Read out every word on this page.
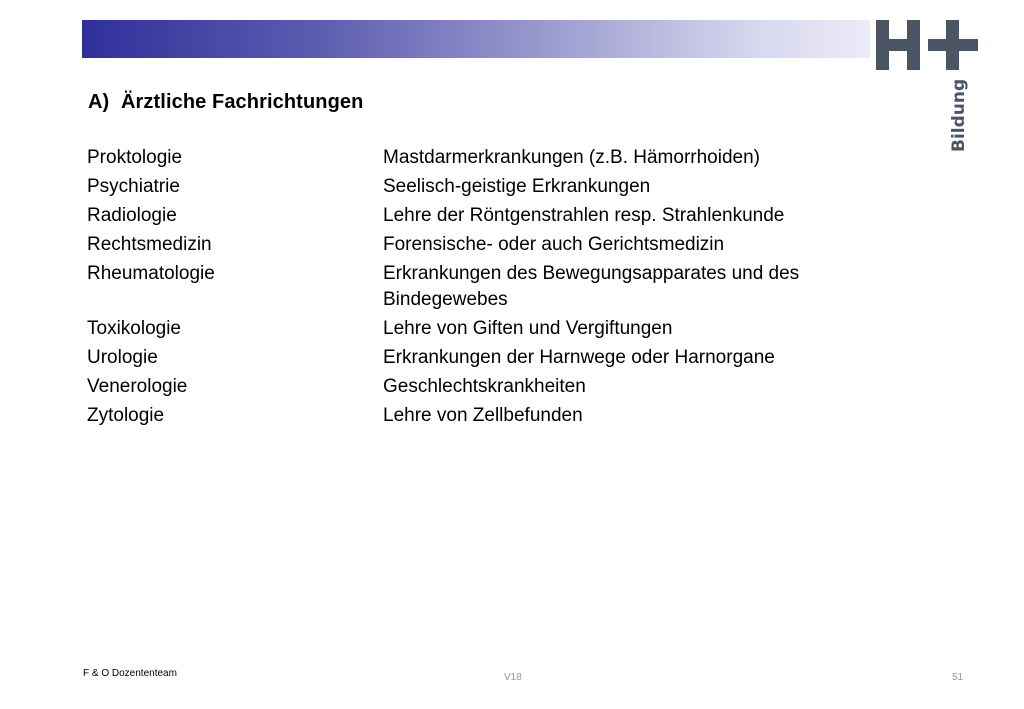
Bildung
A) Ärztliche Fachrichtungen
Proktologie	Mastdarmerkrankungen (z.B. Hämorrhoiden)
Psychiatrie	Seelisch-geistige Erkrankungen
Radiologie	Lehre der Röntgenstrahlen resp. Strahlenkunde
Rechtsmedizin	Forensische- oder auch Gerichtsmedizin
Rheumatologie	Erkrankungen des Bewegungsapparates und des Bindegewebes
Toxikologie	Lehre von Giften und Vergiftungen
Urologie	Erkrankungen der Harnwege oder Harnorgane
Venerologie	Geschlechtskrankheiten
Zytologie	Lehre von Zellbefunden
F & O Dozententeam	V18	51
